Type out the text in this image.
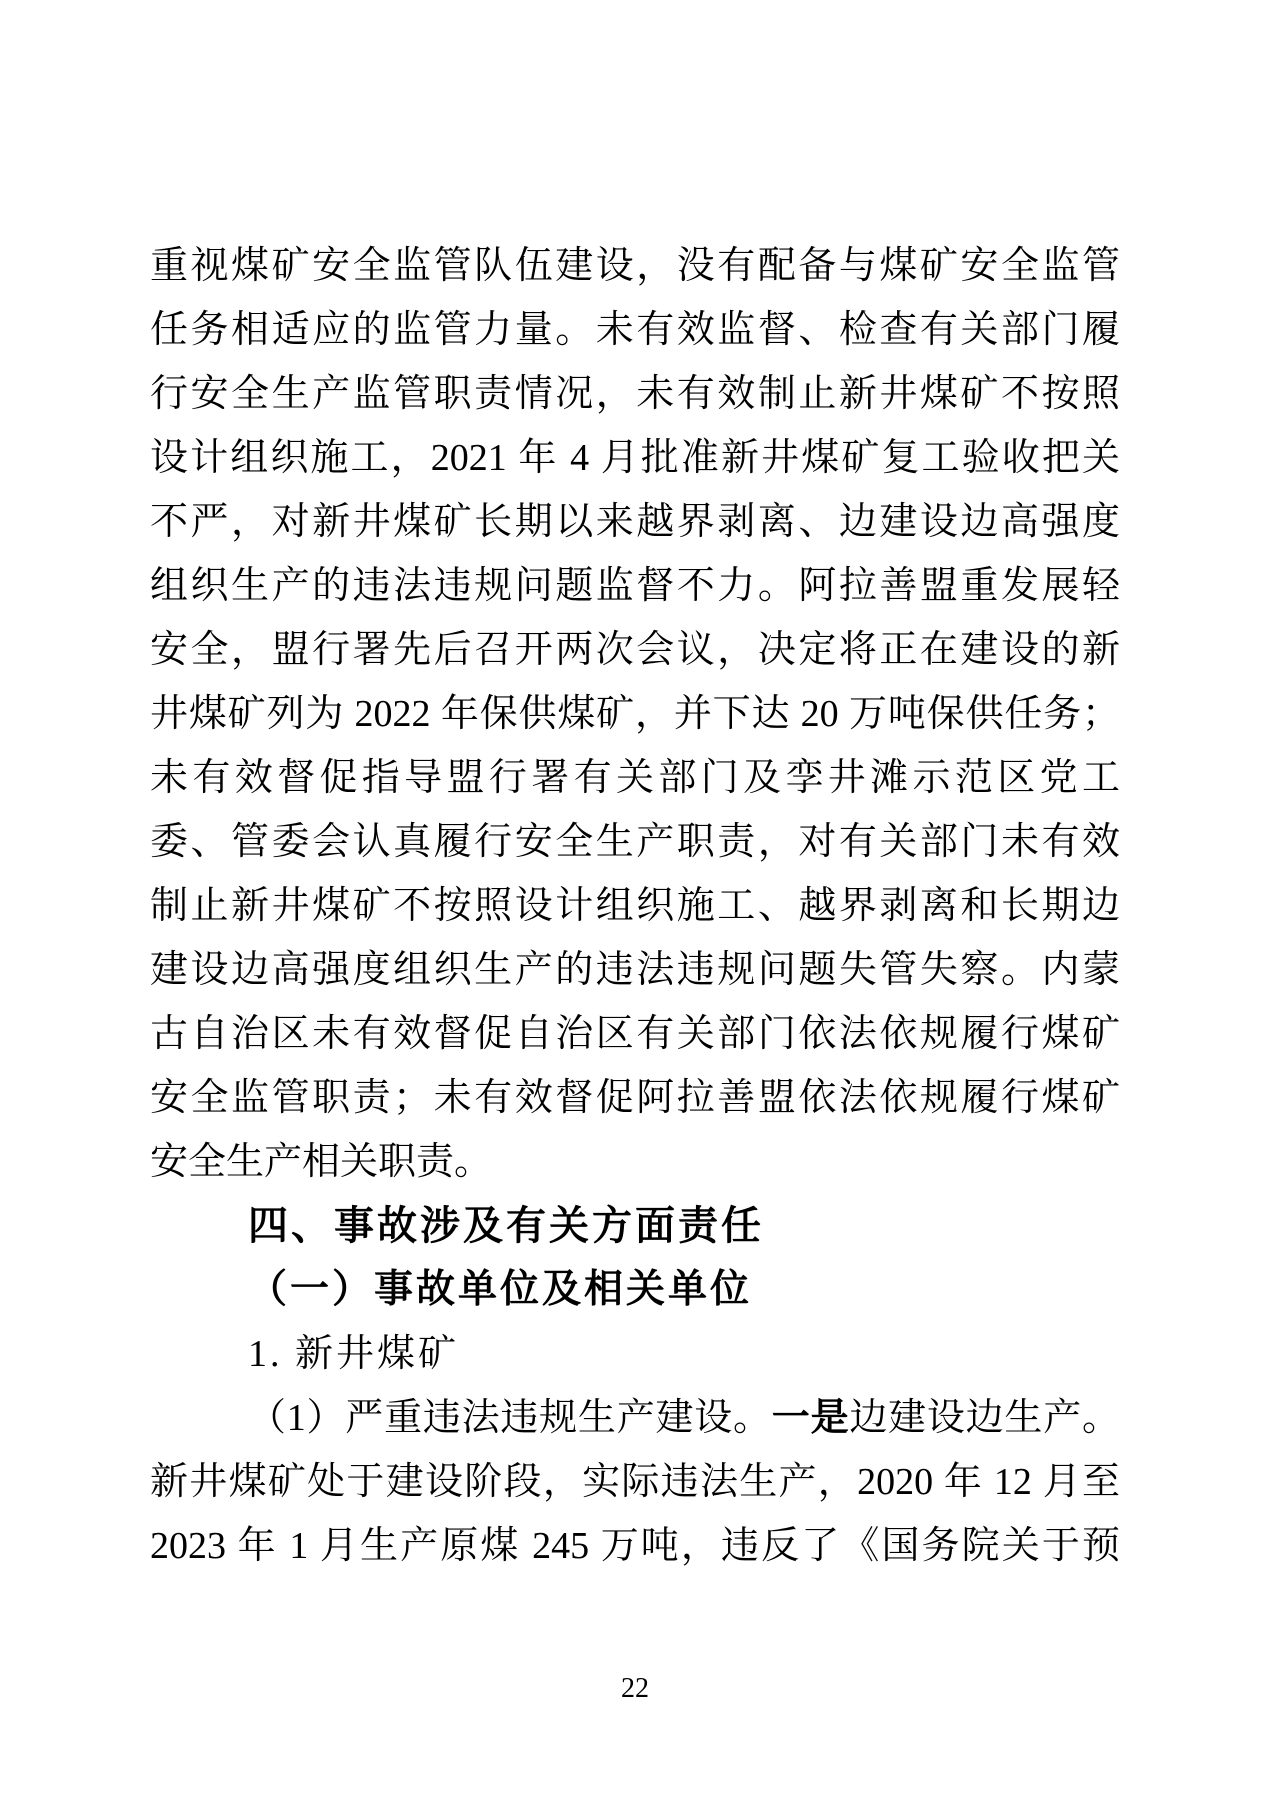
重视煤矿安全监管队伍建设，没有配备与煤矿安全监管
任务相适应的监管力量。未有效监督、检查有关部门履
行安全生产监管职责情况，未有效制止新井煤矿不按照
设计组织施工，2021 年 4 月批准新井煤矿复工验收把关
不严，对新井煤矿长期以来越界剥离、边建设边高强度
组织生产的违法违规问题监督不力。阿拉善盟重发展轻
安全，盟行署先后召开两次会议，决定将正在建设的新
井煤矿列为 2022 年保供煤矿，并下达 20 万吨保供任务；
未有效督促指导盟行署有关部门及孪井滩示范区党工
委、管委会认真履行安全生产职责，对有关部门未有效
制止新井煤矿不按照设计组织施工、越界剥离和长期边
建设边高强度组织生产的违法违规问题失管失察。内蒙
古自治区未有效督促自治区有关部门依法依规履行煤矿
安全监管职责；未有效督促阿拉善盟依法依规履行煤矿
安全生产相关职责。
四、事故涉及有关方面责任
（一）事故单位及相关单位
1. 新井煤矿
（1）严重违法违规生产建设。一是边建设边生产。
新井煤矿处于建设阶段，实际违法生产，2020 年 12 月至
2023 年 1 月生产原煤 245 万吨，违反了《国务院关于预
22
